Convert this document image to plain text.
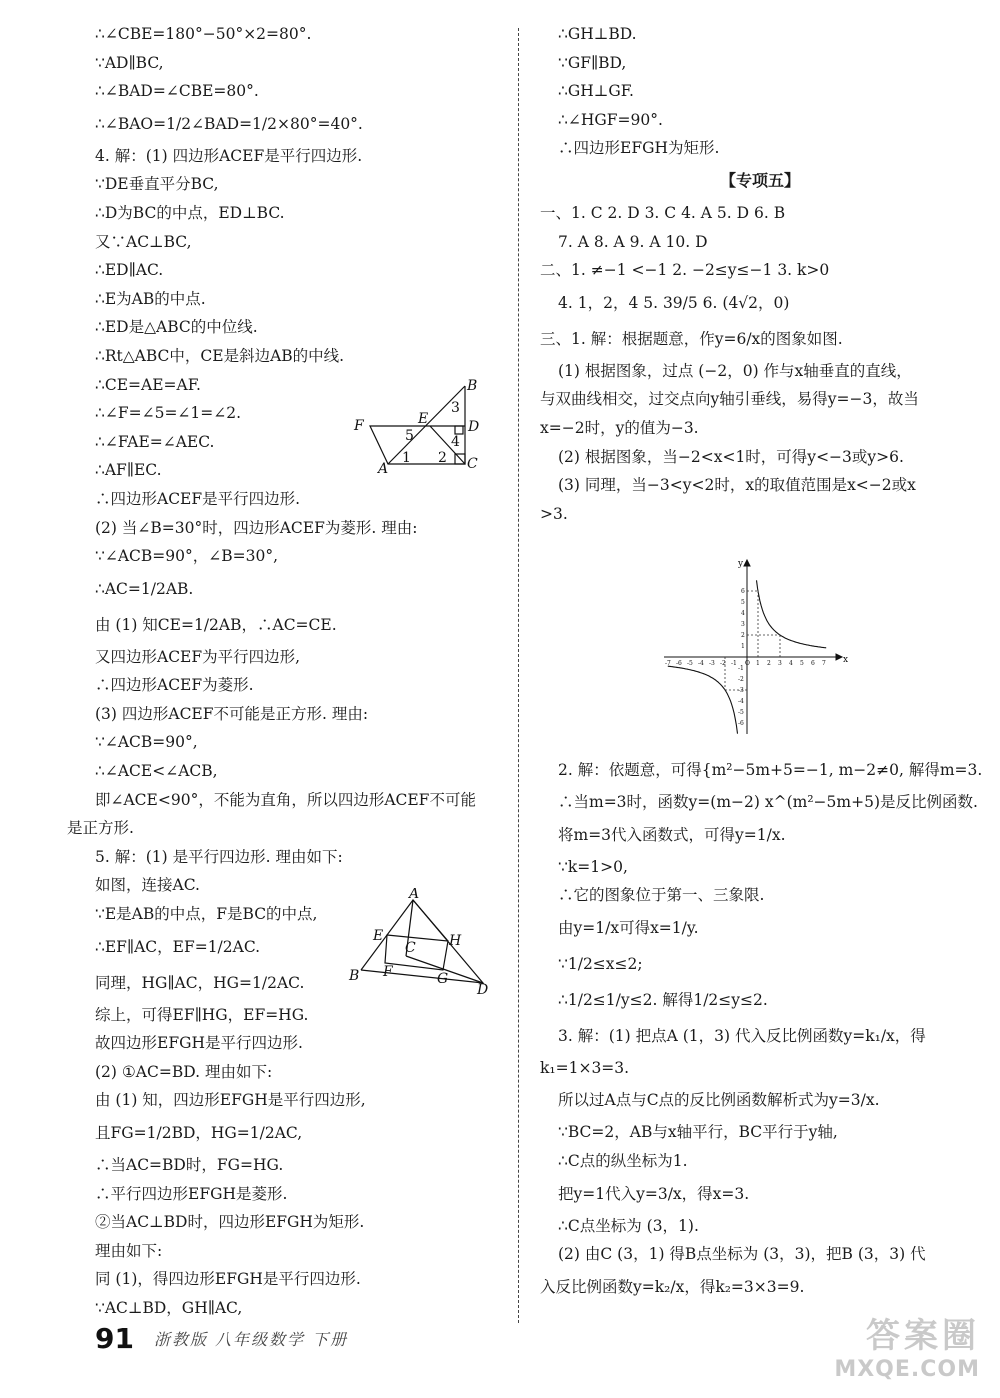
∴∠CBE=180°−50°×2=80°.
∵AD∥BC,
∴∠BAD=∠CBE=80°.
∴∠BAO=1/2∠BAD=1/2×80°=40°.
4. 解：(1) 四边形ACEF是平行四边形.
∵DE垂直平分BC,
∴D为BC的中点，ED⊥BC.
又∵AC⊥BC,
∴ED∥AC.
∴E为AB的中点.
∴ED是△ABC的中位线.
∴Rt△ABC中，CE是斜边AB的中线.
∴CE=AE=AF.
∴∠F=∠5=∠1=∠2.
∴∠FAE=∠AEC.
∴AF∥EC.
∴四边形ACEF是平行四边形.
(2) 当∠B=30°时，四边形ACEF为菱形. 理由:
∵∠ACB=90°，∠B=30°,
∴AC=1/2AB.
由 (1) 知CE=1/2AB，∴AC=CE.
又四边形ACEF为平行四边形,
∴四边形ACEF为菱形.
(3) 四边形ACEF不可能是正方形. 理由:
∵∠ACB=90°,
∴∠ACE<∠ACB,
即∠ACE<90°，不能为直角，所以四边形ACEF不可能
是正方形.
5. 解：(1) 是平行四边形. 理由如下:
如图，连接AC.
∵E是AB的中点，F是BC的中点,
∴EF∥AC，EF=1/2AC.
同理，HG∥AC，HG=1/2AC.
综上，可得EF∥HG，EF=HG.
故四边形EFGH是平行四边形.
(2) ①AC=BD. 理由如下:
由 (1) 知，四边形EFGH是平行四边形,
且FG=1/2BD，HG=1/2AC,
∴当AC=BD时，FG=HG.
∴平行四边形EFGH是菱形.
②当AC⊥BD时，四边形EFGH为矩形.
理由如下:
同 (1)，得四边形EFGH是平行四边形.
∵AC⊥BD，GH∥AC,
B
E	D
F
A	C
1 2
3
4
5
A
E	H
C
B F	G
D
∴GH⊥BD.
∵GF∥BD,
∴GH⊥GF.
∴∠HGF=90°.
∴四边形EFGH为矩形.
【专项五】
一、1. C 2. D 3. C 4. A 5. D 6. B
7. A 8. A 9. A 10. D
二、1. ≠−1 <−1 2. −2≤y≤−1 3. k>0
4. 1，2，4 5. 39/5 6. (4√2，0)
三、1. 解：根据题意，作y=6/x的图象如图.
(1) 根据图象，过点 (−2，0) 作与x轴垂直的直线，
与双曲线相交，过交点向y轴引垂线，易得y=−3，故当
x=−2时，y的值为−3.
(2) 根据图象，当−2<x<1时，可得y<−3或y>6.
(3) 同理，当−3<y<2时，x的取值范围是x<−2或x
>3.
-7 -6 -5 -4 -3 -2 -1 O 1 2 3 4 5 6 7
6
5
4
3
2
1
-1
-2
-3
-4
-5
-6
x
y
2. 解：依题意，可得{m²−5m+5=−1, m−2≠0, 解得m=3.
∴当m=3时，函数y=(m−2) x^(m²−5m+5)是反比例函数.
将m=3代入函数式，可得y=1/x.
∵k=1>0,
∴它的图象位于第一、三象限.
由y=1/x可得x=1/y.
∵1/2≤x≤2;
∴1/2≤1/y≤2. 解得1/2≤y≤2.
3. 解：(1) 把点A (1，3) 代入反比例函数y=k₁/x，得
k₁=1×3=3.
所以过A点与C点的反比例函数解析式为y=3/x.
∵BC=2，AB与x轴平行，BC平行于y轴,
∴C点的纵坐标为1.
把y=1代入y=3/x，得x=3.
∴C点坐标为 (3，1).
(2) 由C (3，1) 得B点坐标为 (3，3)，把B (3，3) 代
入反比例函数y=k₂/x，得k₂=3×3=9.
91 浙教版 八年级数学 下册	答案圈
MXQE.COM
